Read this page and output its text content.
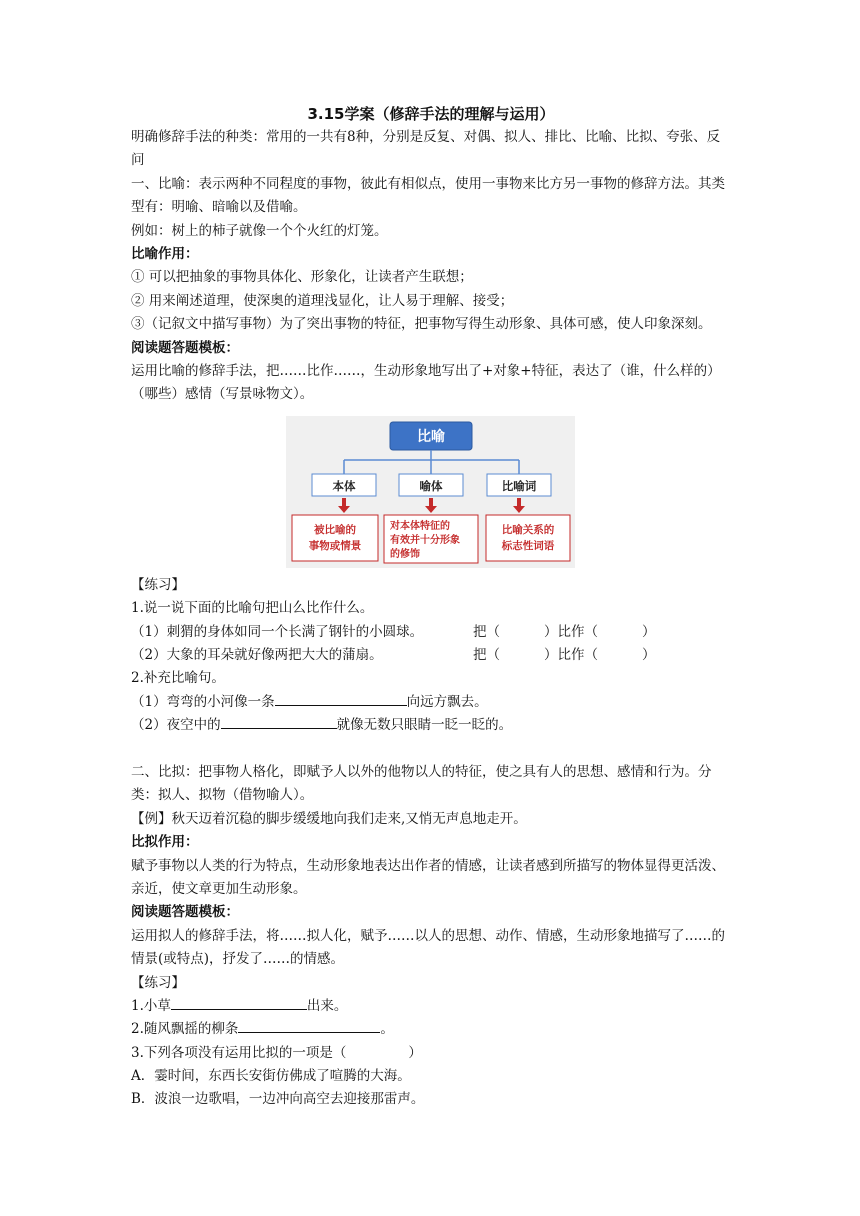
3.15学案（修辞手法的理解与运用）
明确修辞手法的种类：常用的一共有8种，分别是反复、对偶、拟人、排比、比喻、比拟、夸张、反问
一、比喻：表示两种不同程度的事物，彼此有相似点，使用一事物来比方另一事物的修辞方法。其类型有：明喻、暗喻以及借喻。
例如：树上的柿子就像一个个火红的灯笼。
比喻作用：
① 可以把抽象的事物具体化、形象化，让读者产生联想；
② 用来阐述道理，使深奥的道理浅显化，让人易于理解、接受；
③（记叙文中描写事物）为了突出事物的特征，把事物写得生动形象、具体可感，使人印象深刻。
阅读题答题模板：
运用比喻的修辞手法，把……比作……，生动形象地写出了+对象+特征，表达了（谁，什么样的）（哪些）感情（写景咏物文）。
比喻
本体	喻体	比喻词
被比喻的
事物或情景
对本体特征的
有效并十分形象
的修饰
比喻关系的
标志性词语
【练习】
1.说一说下面的比喻句把山么比作什么。
（1）刺猬的身体如同一个长满了钢针的小圆球。	把（	）比作（	）
（2）大象的耳朵就好像两把大大的蒲扇。	把（	）比作（	）
2.补充比喻句。
（1）弯弯的小河像一条	向远方飘去。
（2）夜空中的	就像无数只眼睛一眨一眨的。
二、比拟：把事物人格化，即赋予人以外的他物以人的特征，使之具有人的思想、感情和行为。分类：拟人、拟物（借物喻人）。
【例】秋天迈着沉稳的脚步缓缓地向我们走来,又悄无声息地走开。
比拟作用：
赋予事物以人类的行为特点，生动形象地表达出作者的情感，让读者感到所描写的物体显得更活泼、亲近，使文章更加生动形象。
阅读题答题模板：
运用拟人的修辞手法，将……拟人化，赋予……以人的思想、动作、情感，生动形象地描写了……的情景(或特点)，抒发了……的情感。
【练习】
1.小草	出来。
2.随风飘摇的柳条	。
3.下列各项没有运用比拟的一项是（	）
A．霎时间，东西长安街仿佛成了喧腾的大海。
B．波浪一边歌唱，一边冲向高空去迎接那雷声。
